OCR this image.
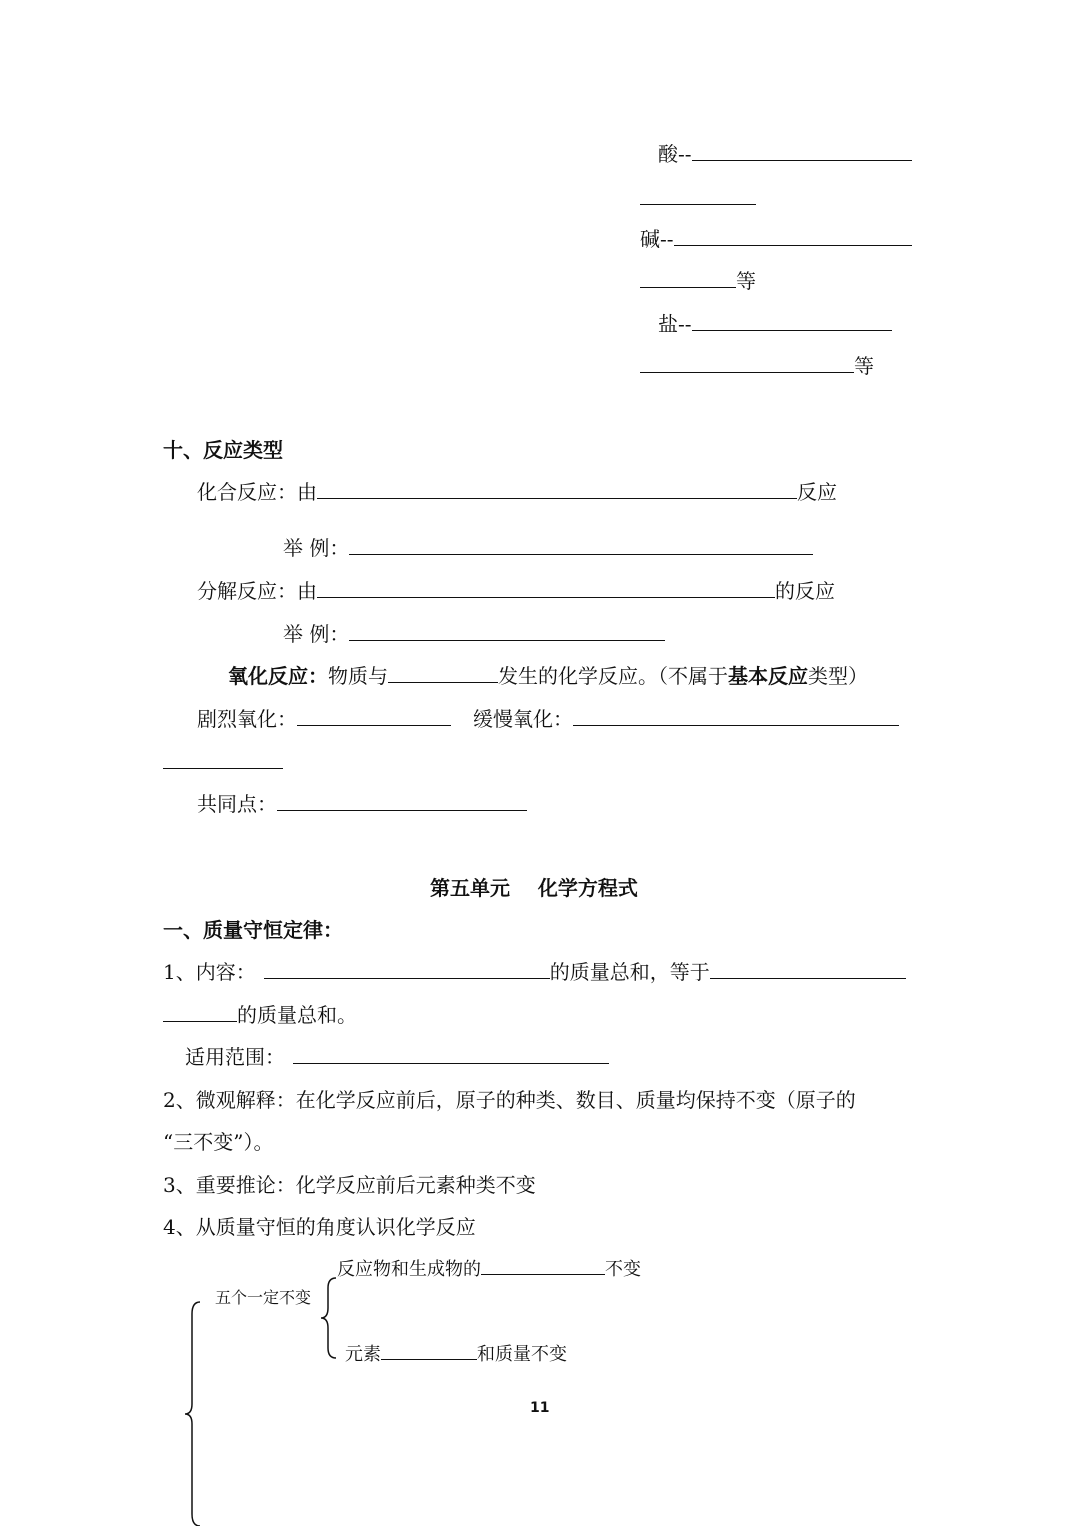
酸--
碱--
等
盐--
等
十、反应类型
化合反应：由	反应
举 例：
分解反应：由	的反应
举 例：
氧化反应：物质与	发生的化学反应。（不属于基本反应类型）
剧烈氧化：	缓慢氧化：
共同点：
第五单元    化学方程式
一、质量守恒定律：
1、内容：	的质量总和，等于
的质量总和。
适用范围：
2、微观解释：在化学反应前后，原子的种类、数目、质量均保持不变（原子的
“三不变”）。
3、重要推论：化学反应前后元素种类不变
4、从质量守恒的角度认识化学反应
五个一定不变
反应物和生成物的	不变
元素	和质量不变
11
